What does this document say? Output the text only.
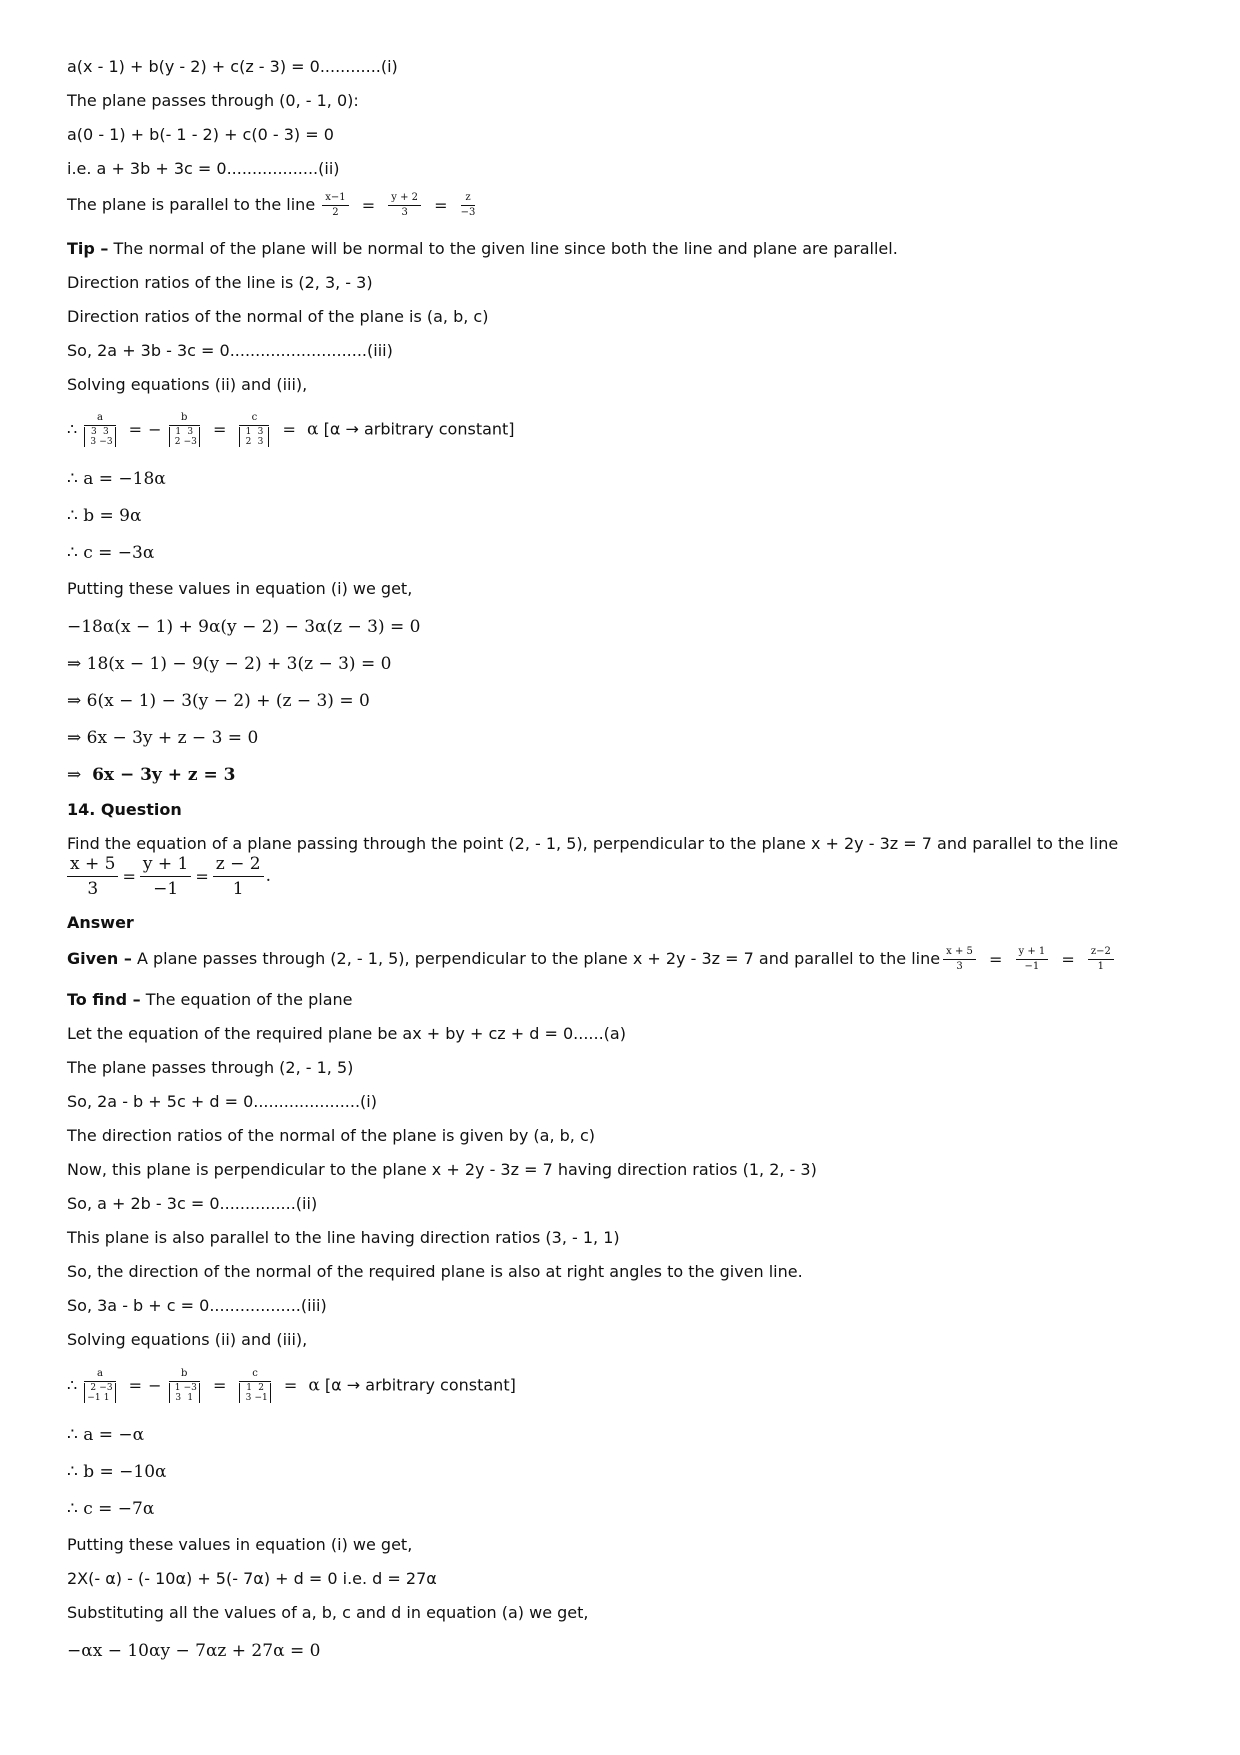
a(x - 1) + b(y - 2) + c(z - 3) = 0............(i)
The plane passes through (0, - 1, 0):
a(0 - 1) + b(- 1 - 2) + c(0 - 3) = 0
i.e. a + 3b + 3c = 0..................(ii)
The plane is parallel to the line $\frac{x-1}{2} = \frac{y + 2}{3} = \frac{z}{-3}$
Tip – The normal of the plane will be normal to the given line since both the line and plane are parallel.
Direction ratios of the line is (2, 3, - 3)
Direction ratios of the normal of the plane is (a, b, c)
So, 2a + 3b - 3c = 0...........................(iii)
Solving equations (ii) and (iii),
∴ a
3 3
3 −3 = − b
1 3
2 −3 = c
1 3
2 3 = α [α → arbitrary constant]
∴ a = −18α
∴ b = 9α
∴ c = −3α
Putting these values in equation (i) we get,
−18α(x − 1) + 9α(y − 2) − 3α(z − 3) = 0
⇒ 18(x − 1) − 9(y − 2) + 3(z − 3) = 0
⇒ 6(x − 1) − 3(y − 2) + (z − 3) = 0
⇒ 6x − 3y + z − 3 = 0
⇒ 6x − 3y + z = 3
14. Question
Find the equation of a plane passing through the point (2, - 1, 5), perpendicular to the plane x + 2y - 3z = 7 and parallel to the line
$\frac{x + 5}{3} = \frac{y + 1}{-1} = \frac{z - 2}{1}$ .
Answer
Given – A plane passes through (2, - 1, 5), perpendicular to the plane x + 2y - 3z = 7 and parallel to the line $\frac{x + 5}{3} = \frac{y + 1}{-1} = \frac{z-2}{1}$
To find – The equation of the plane
Let the equation of the required plane be ax + by + cz + d = 0......(a)
The plane passes through (2, - 1, 5)
So, 2a - b + 5c + d = 0.....................(i)
The direction ratios of the normal of the plane is given by (a, b, c)
Now, this plane is perpendicular to the plane x + 2y - 3z = 7 having direction ratios (1, 2, - 3)
So, a + 2b - 3c = 0...............(ii)
This plane is also parallel to the line having direction ratios (3, - 1, 1)
So, the direction of the normal of the required plane is also at right angles to the given line.
So, 3a - b + c = 0..................(iii)
Solving equations (ii) and (iii),
∴ a
2 −3
−1 1 = − b
1 −3
3 1 = c
1 2
3 −1 = α [α → arbitrary constant]
∴ a = −α
∴ b = −10α
∴ c = −7α
Putting these values in equation (i) we get,
2X(- α) - (- 10α) + 5(- 7α) + d = 0 i.e. d = 27α
Substituting all the values of a, b, c and d in equation (a) we get,
−αx − 10αy − 7αz + 27α = 0
